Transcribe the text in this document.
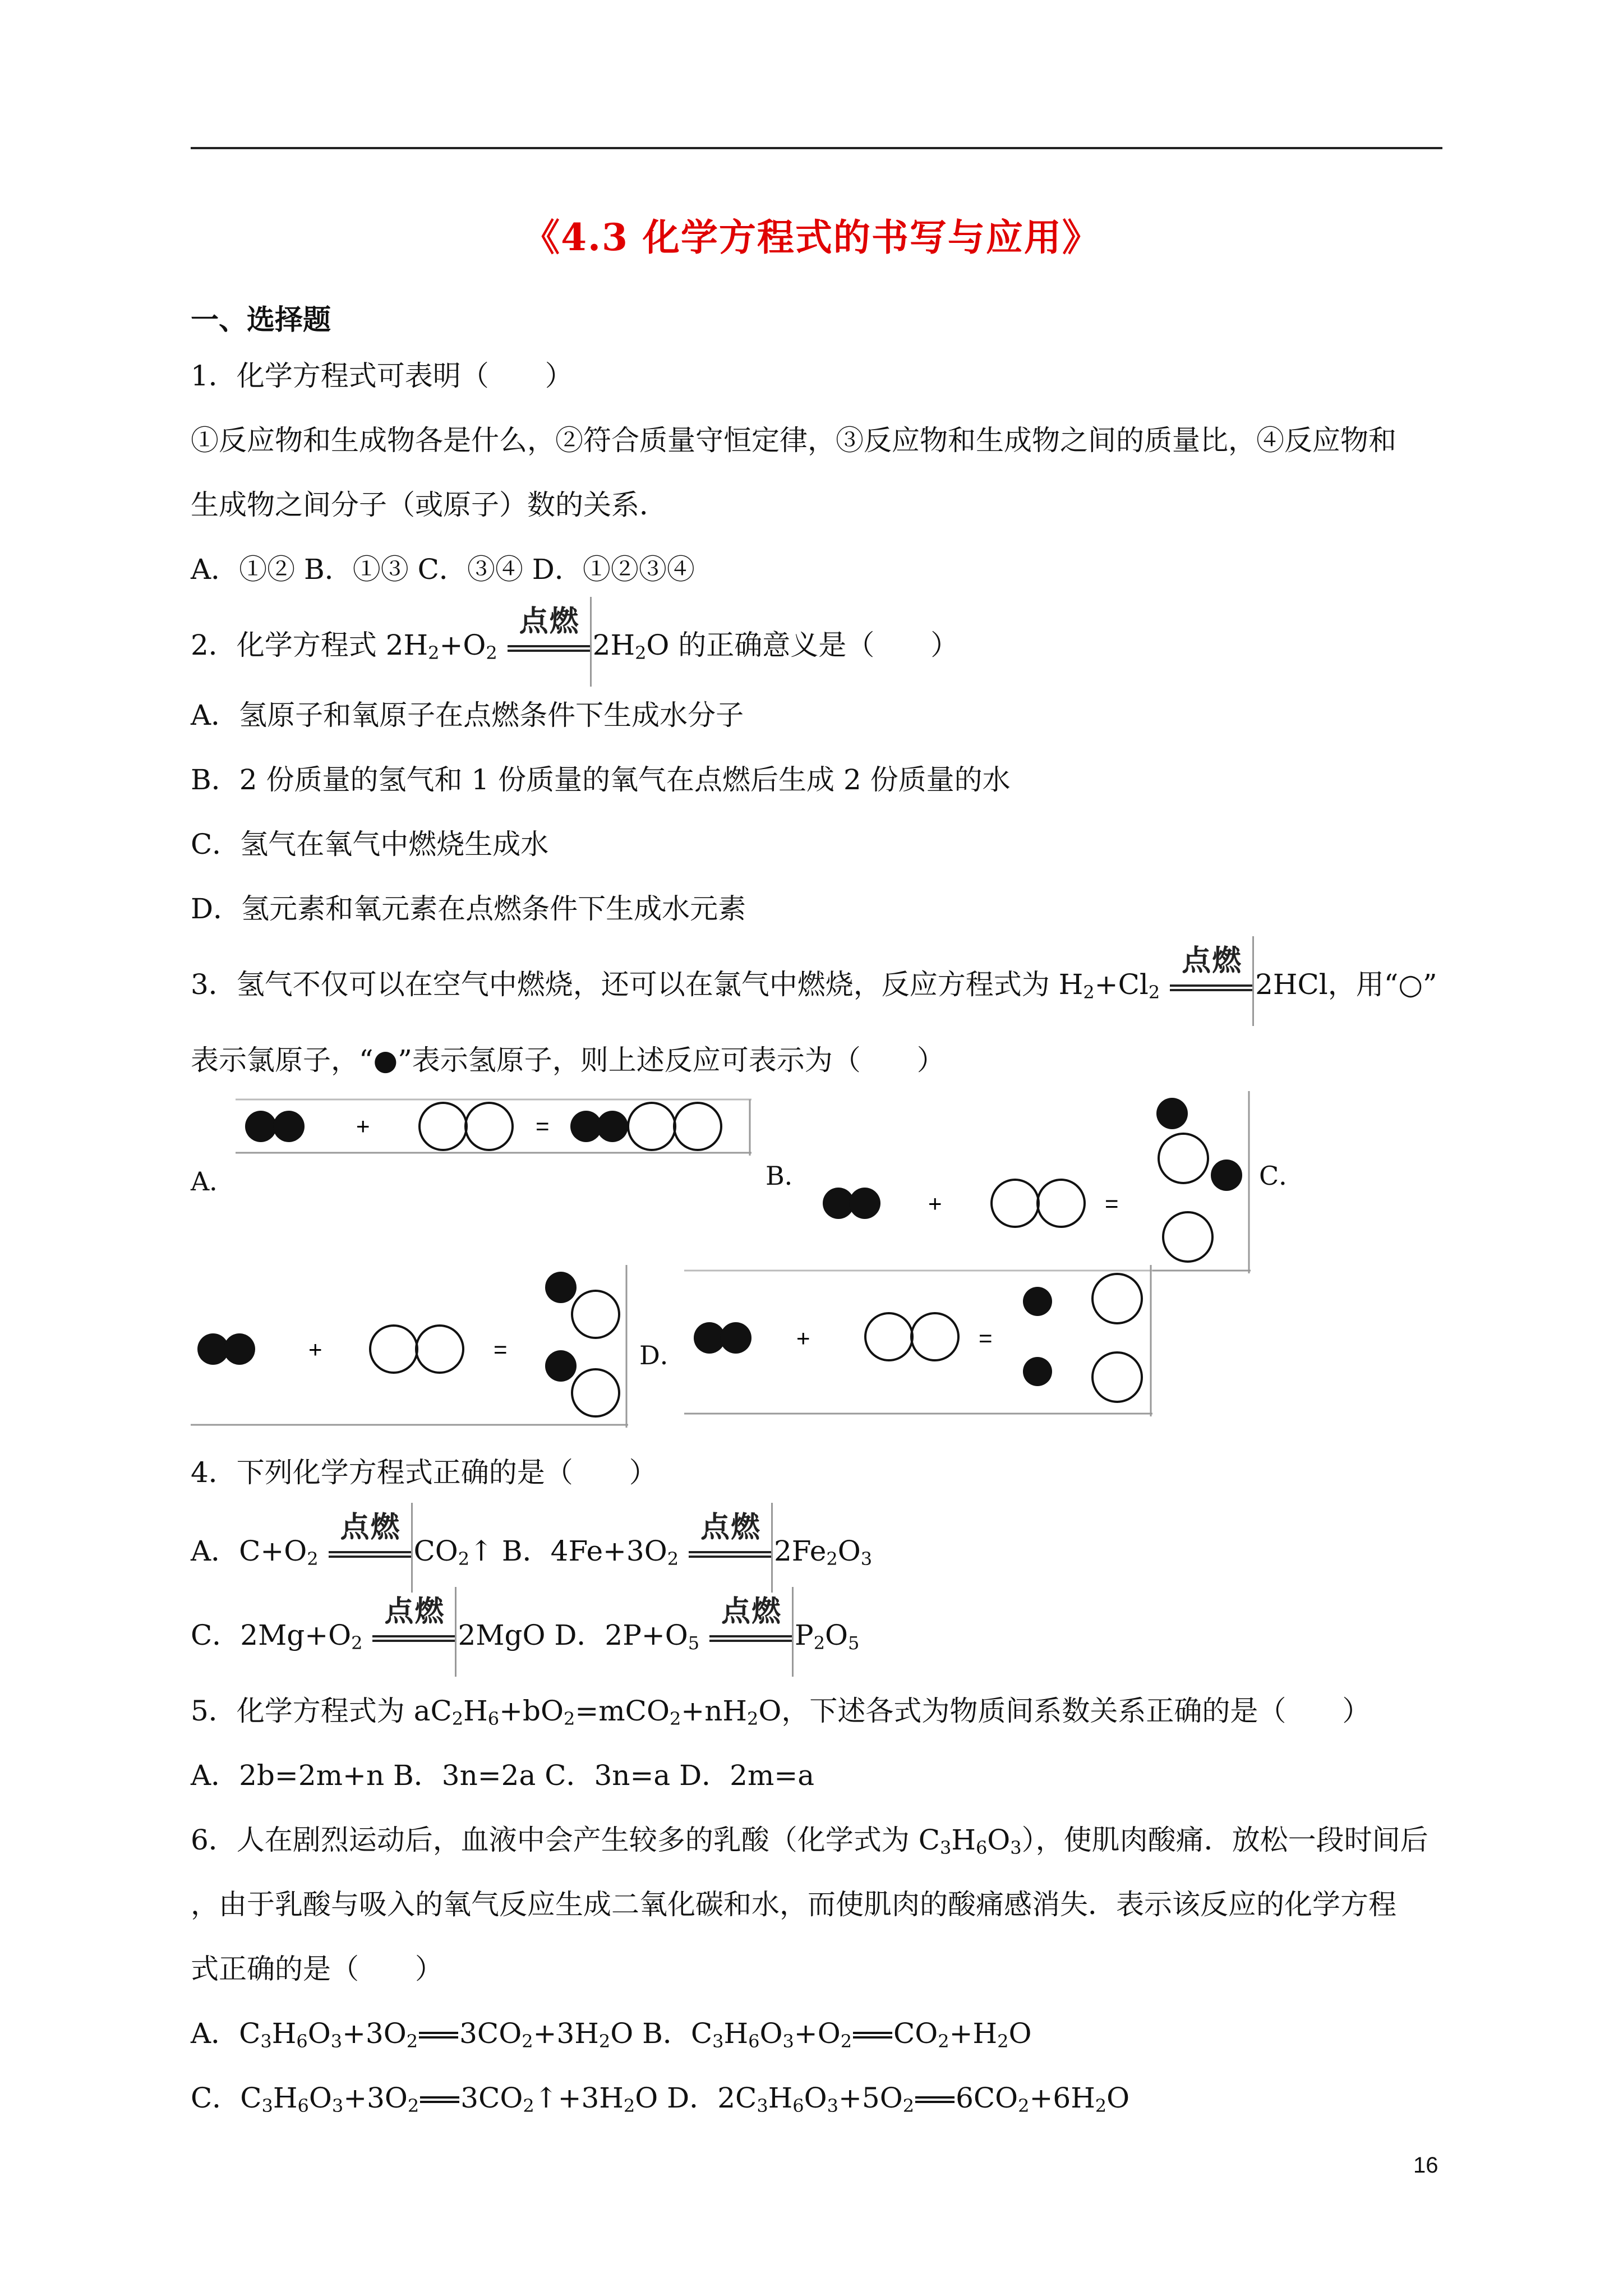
《4.3 化学方程式的书写与应用》
一、选择题
1．化学方程式可表明（　　）
①反应物和生成物各是什么，②符合质量守恒定律，③反应物和生成物之间的质量比，④反应物和
生成物之间分子（或原子）数的关系．
A．①② B．①③ C．③④ D．①②③④
2．化学方程式 $2H_2+O_2$
点燃
$2H_2O$ 的正确意义是（　　）
A．氢原子和氧原子在点燃条件下生成水分子
B．2 份质量的氢气和 1 份质量的氧气在点燃后生成 2 份质量的水
C．氢气在氧气中燃烧生成水
D．氢元素和氧元素在点燃条件下生成水元素
3．氢气不仅可以在空气中燃烧，还可以在氯气中燃烧，反应方程式为 $H_2+Cl_2$
点燃
2HCl，用“○”
表示氯原子，“●”表示氢原子，则上述反应可表示为（　　）
+	=
A．	B．
+	=
C．
+	=	D．
+	=
4．下列化学方程式正确的是（　　）
A．$C+O_2$
点燃
$CO_2↑$ B．$4Fe+3O_2$
点燃
$2Fe_2O_3$
C．$2Mg+O_2$
点燃
2MgO D．$2P+O_5$
点燃
$P_2O_5$
5．化学方程式为 $aC_2H_6+bO_2=mCO_2+nH_2O$，下述各式为物质间系数关系正确的是（　　）
A．2b=2m+n B．3n=2a C．3n=a D．2m=a
6．人在剧烈运动后，血液中会产生较多的乳酸（化学式为 $C_3H_6O_3$），使肌肉酸痛．放松一段时间后
，由于乳酸与吸入的氧气反应生成二氧化碳和水，而使肌肉的酸痛感消失．表示该反应的化学方程
式正确的是（　　）
A．$C_3H_6O_3+3O_2$ $3CO_2+3H_2O$ B．$C_3H_6O_3+O_2$ $CO_2+H_2O$
C．$C_3H_6O_3+3O_2$ $3CO_2↑+3H_2O$ D．$2C_3H_6O_3+5O_2$ $6CO_2+6H_2O$
16
